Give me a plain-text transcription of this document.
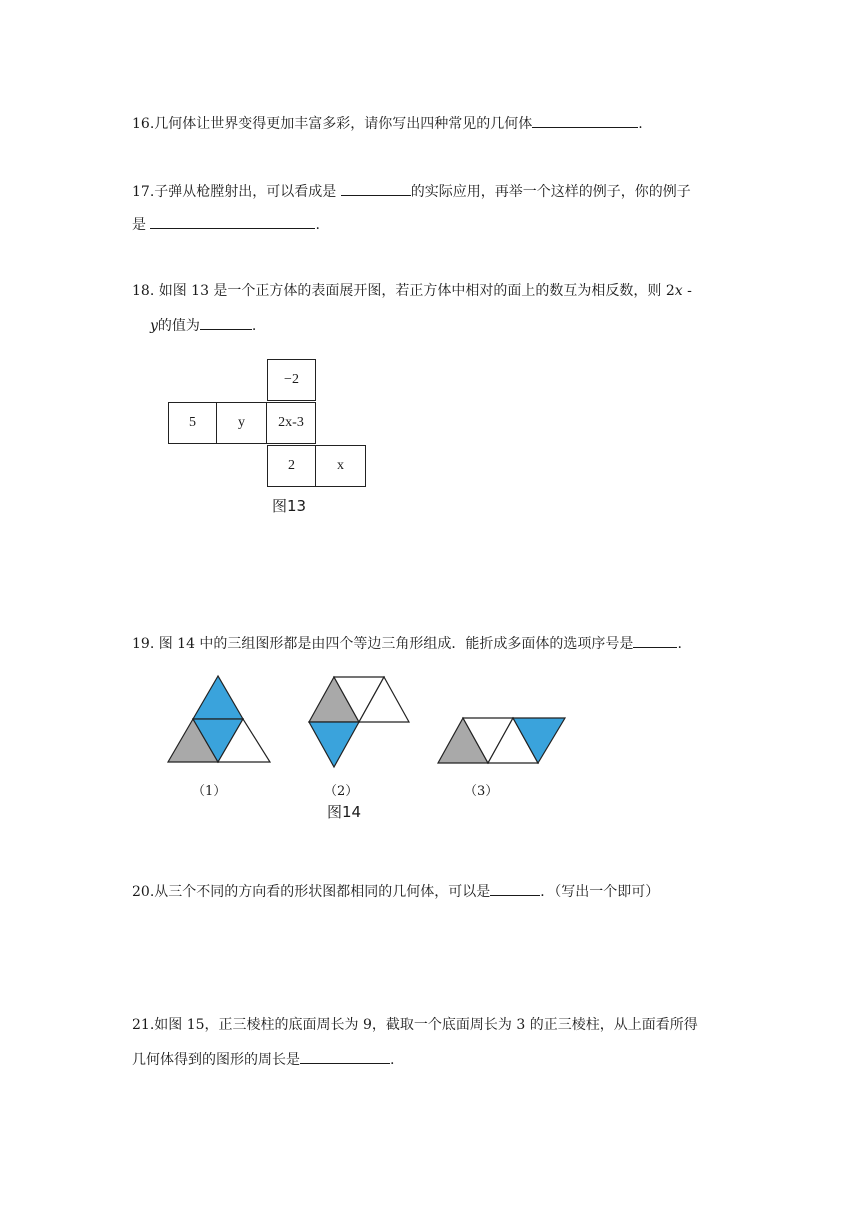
16.几何体让世界变得更加丰富多彩，请你写出四种常见的几何体	.
17.子弹从枪膛射出，可以看成是	的实际应用，再举一个这样的例子，你的例子
是	.
18. 如图 13 是一个正方体的表面展开图，若正方体中相对的面上的数互为相反数，则 2x -
y的值为	.
−2
5	y	2x-3
2	x
图13
19. 图 14 中的三组图形都是由四个等边三角形组成．能折成多面体的选项序号是	.
（1）	（2）	（3）
图14
20.从三个不同的方向看的形状图都相同的几何体，可以是	．（写出一个即可）
21.如图 15，正三棱柱的底面周长为 9，截取一个底面周长为 3 的正三棱柱，从上面看所得
几何体得到的图形的周长是	.
